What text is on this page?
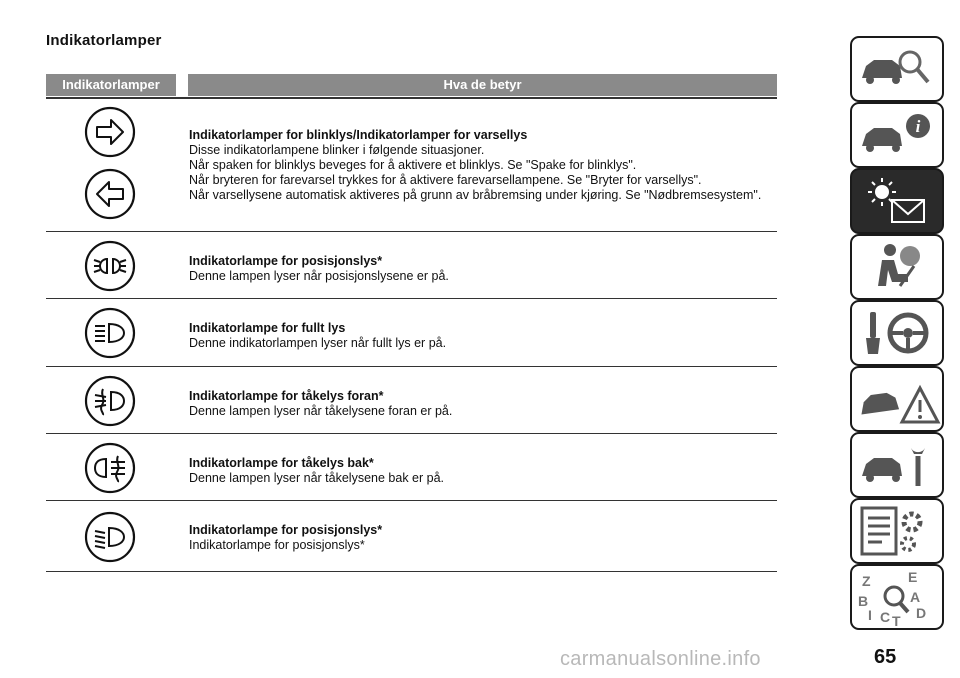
Indikatorlamper
Indikatorlamper	Hva de betyr
Indikatorlamper for blinklys/Indikatorlamper for varsellys
Disse indikatorlampene blinker i følgende situasjoner.
Når spaken for blinklys beveges for å aktivere et blinklys. Se "Spake for blinklys".
Når bryteren for farevarsel trykkes for å aktivere farevarsellampene. Se "Bryter for varsellys".
Når varsellysene automatisk aktiveres på grunn av bråbremsing under kjøring. Se "Nødbremsesystem".
Indikatorlampe for posisjonslys*
Denne lampen lyser når posisjonslysene er på.
Indikatorlampe for fullt lys
Denne indikatorlampen lyser når fullt lys er på.
Indikatorlampe for tåkelys foran*
Denne lampen lyser når tåkelysene foran er på.
Indikatorlampe for tåkelys bak*
Denne lampen lyser når tåkelysene bak er på.
Indikatorlampe for posisjonslys*
Indikatorlampe for posisjonslys*
i
Z	E
B	A
I C T D
65
carmanualsonline.info
